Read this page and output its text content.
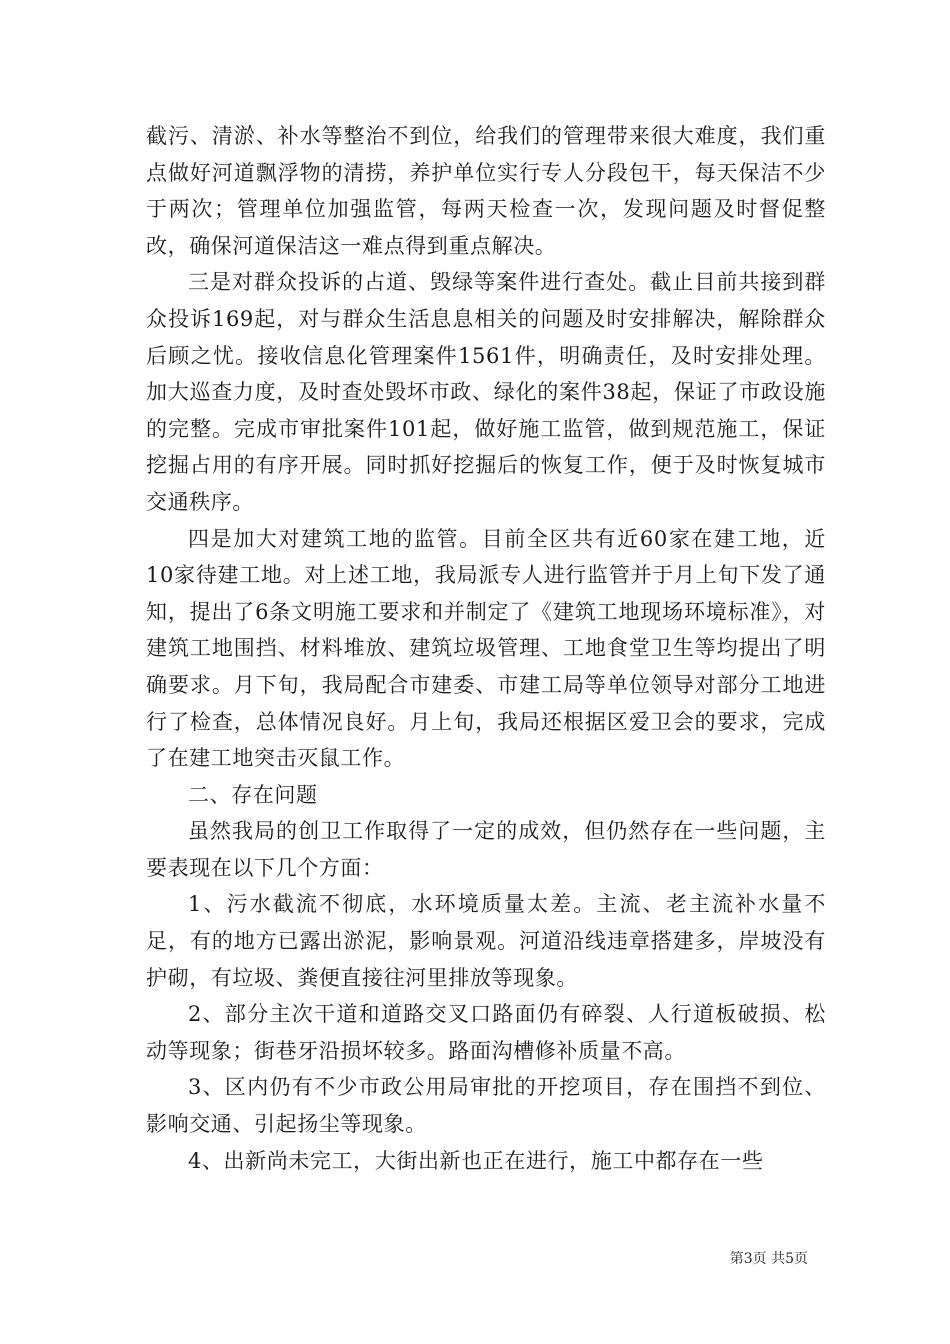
截污、清淤、补水等整治不到位，给我们的管理带来很大难度，我们重点做好河道飘浮物的清捞，养护单位实行专人分段包干，每天保洁不少于两次；管理单位加强监管，每两天检查一次，发现问题及时督促整改，确保河道保洁这一难点得到重点解决。

三是对群众投诉的占道、毁绿等案件进行查处。截止目前共接到群众投诉169起，对与群众生活息息相关的问题及时安排解决，解除群众后顾之忧。接收信息化管理案件1561件，明确责任，及时安排处理。加大巡查力度，及时查处毁坏市政、绿化的案件38起，保证了市政设施的完整。完成市审批案件101起，做好施工监管，做到规范施工，保证挖掘占用的有序开展。同时抓好挖掘后的恢复工作，便于及时恢复城市交通秩序。

四是加大对建筑工地的监管。目前全区共有近60家在建工地，近10家待建工地。对上述工地，我局派专人进行监管并于月上旬下发了通知，提出了6条文明施工要求和并制定了《建筑工地现场环境标准》，对建筑工地围挡、材料堆放、建筑垃圾管理、工地食堂卫生等均提出了明确要求。月下旬，我局配合市建委、市建工局等单位领导对部分工地进行了检查，总体情况良好。月上旬，我局还根据区爱卫会的要求，完成了在建工地突击灭鼠工作。

二、存在问题

虽然我局的创卫工作取得了一定的成效，但仍然存在一些问题，主要表现在以下几个方面：

1、污水截流不彻底，水环境质量太差。主流、老主流补水量不足，有的地方已露出淤泥，影响景观。河道沿线违章搭建多，岸坡没有护砌，有垃圾、粪便直接往河里排放等现象。

2、部分主次干道和道路交叉口路面仍有碎裂、人行道板破损、松动等现象；街巷牙沿损坏较多。路面沟槽修补质量不高。

3、区内仍有不少市政公用局审批的开挖项目，存在围挡不到位、影响交通、引起扬尘等现象。

4、出新尚未完工，大街出新也正在进行，施工中都存在一些

第3页 共5页
